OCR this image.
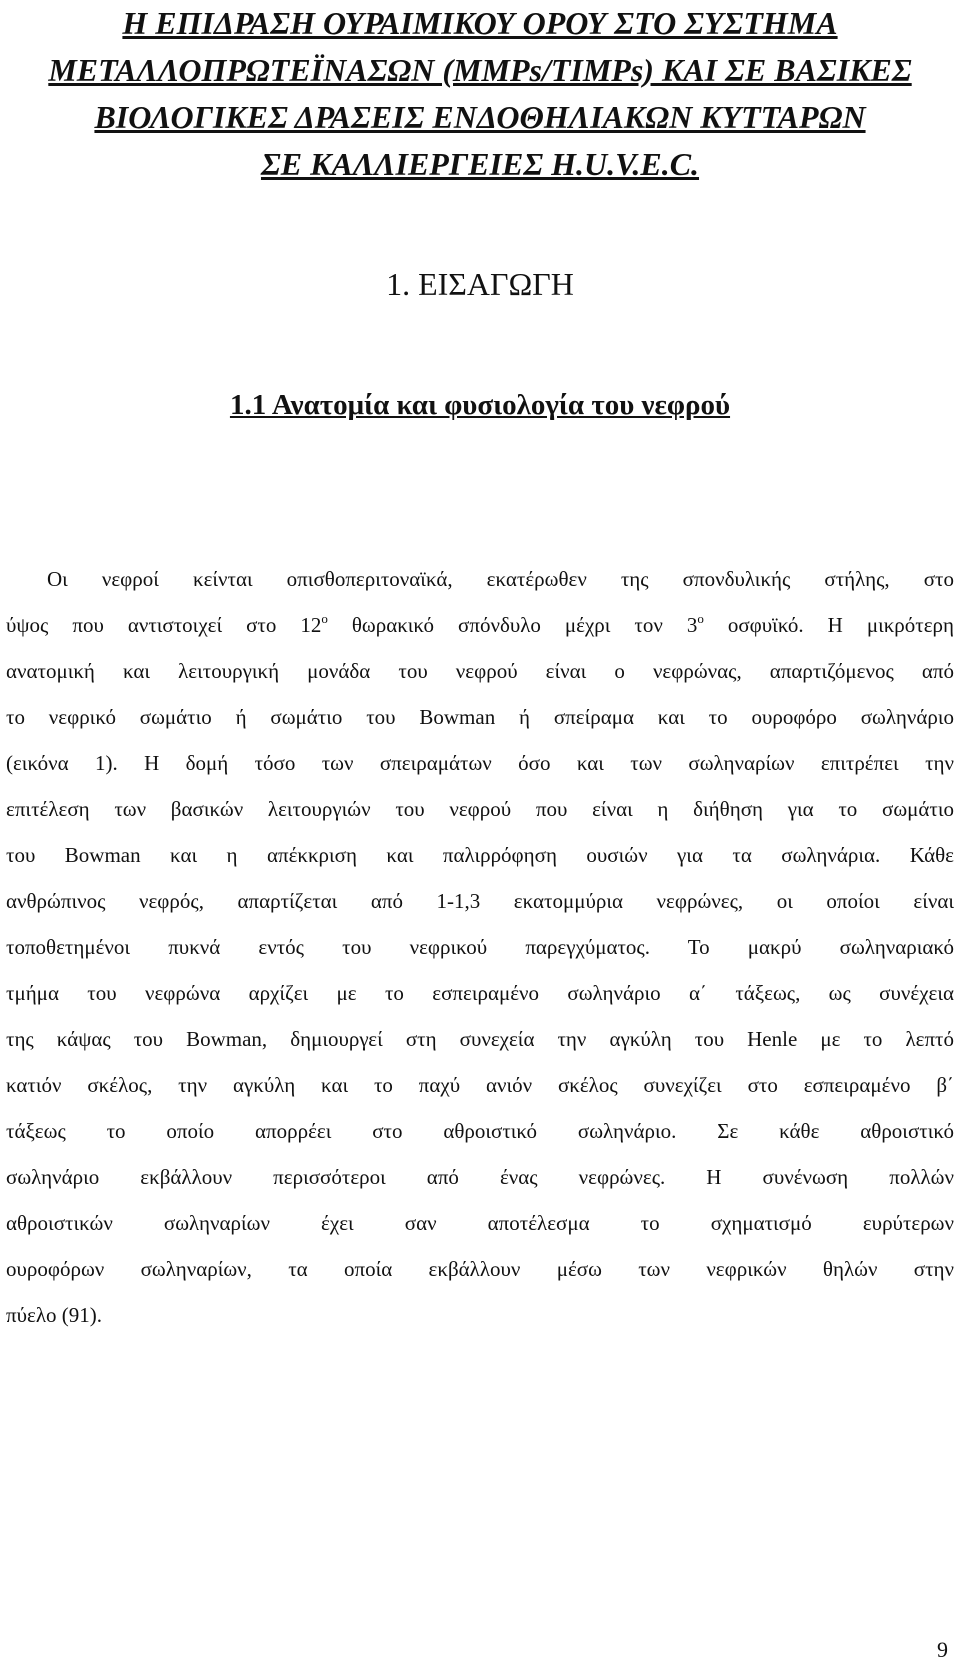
Η ΕΠΙΔΡΑΣΗ ΟΥΡΑΙΜΙΚΟΥ ΟΡΟΥ ΣΤΟ ΣΥΣΤΗΜΑ
ΜΕΤΑΛΛΟΠΡΩΤΕΪΝΑΣΩΝ (MMPs/TIMPs) ΚΑΙ ΣΕ ΒΑΣΙΚΕΣ
ΒΙΟΛΟΓΙΚΕΣ ΔΡΑΣΕΙΣ ΕΝΔΟΘΗΛΙΑΚΩΝ ΚΥΤΤΑΡΩΝ
ΣΕ ΚΑΛΛΙΕΡΓΕΙΕΣ H.U.V.E.C.
1. ΕΙΣΑΓΩΓΗ
1.1 Ανατομία και φυσιολογία του νεφρού
Οι νεφροί κείνται οπισθοπεριτοναϊκά, εκατέρωθεν της σπονδυλικής στήλης, στο
ύψος που αντιστοιχεί στο $12^o$ θωρακικό σπόνδυλο μέχρι τον $3^o$ οσφυϊκό. Η μικρότερη
ανατομική και λειτουργική μονάδα του νεφρού είναι ο νεφρώνας, απαρτιζόμενος από
το νεφρικό σωμάτιο ή σωμάτιο του Bowman ή σπείραμα και το ουροφόρο σωληνάριο
(εικόνα 1). Η δομή τόσο των σπειραμάτων όσο και των σωληναρίων επιτρέπει την
επιτέλεση των βασικών λειτουργιών του νεφρού που είναι η διήθηση για το σωμάτιο
του Bowman και η απέκκριση και παλιρρόφηση ουσιών για τα σωληνάρια. Κάθε
ανθρώπινος νεφρός, απαρτίζεται από 1-1,3 εκατομμύρια νεφρώνες, οι οποίοι είναι
τοποθετημένοι πυκνά εντός του νεφρικού παρεγχύματος. Το μακρύ σωληναριακό
τμήμα του νεφρώνα αρχίζει με το εσπειραμένο σωληνάριο α΄ τάξεως, ως συνέχεια
της κάψας του Bowman, δημιουργεί στη συνεχεία την αγκύλη του Henle με το λεπτό
κατιόν σκέλος, την αγκύλη και το παχύ ανιόν σκέλος συνεχίζει στο εσπειραμένο β΄
τάξεως το οποίο απορρέει στο αθροιστικό σωληνάριο. Σε κάθε αθροιστικό
σωληνάριο εκβάλλουν περισσότεροι από ένας νεφρώνες. Η συνένωση πολλών
αθροιστικών σωληναρίων έχει σαν αποτέλεσμα το σχηματισμό ευρύτερων
ουροφόρων σωληναρίων, τα οποία εκβάλλουν μέσω των νεφρικών θηλών στην
πύελο (91).
9
